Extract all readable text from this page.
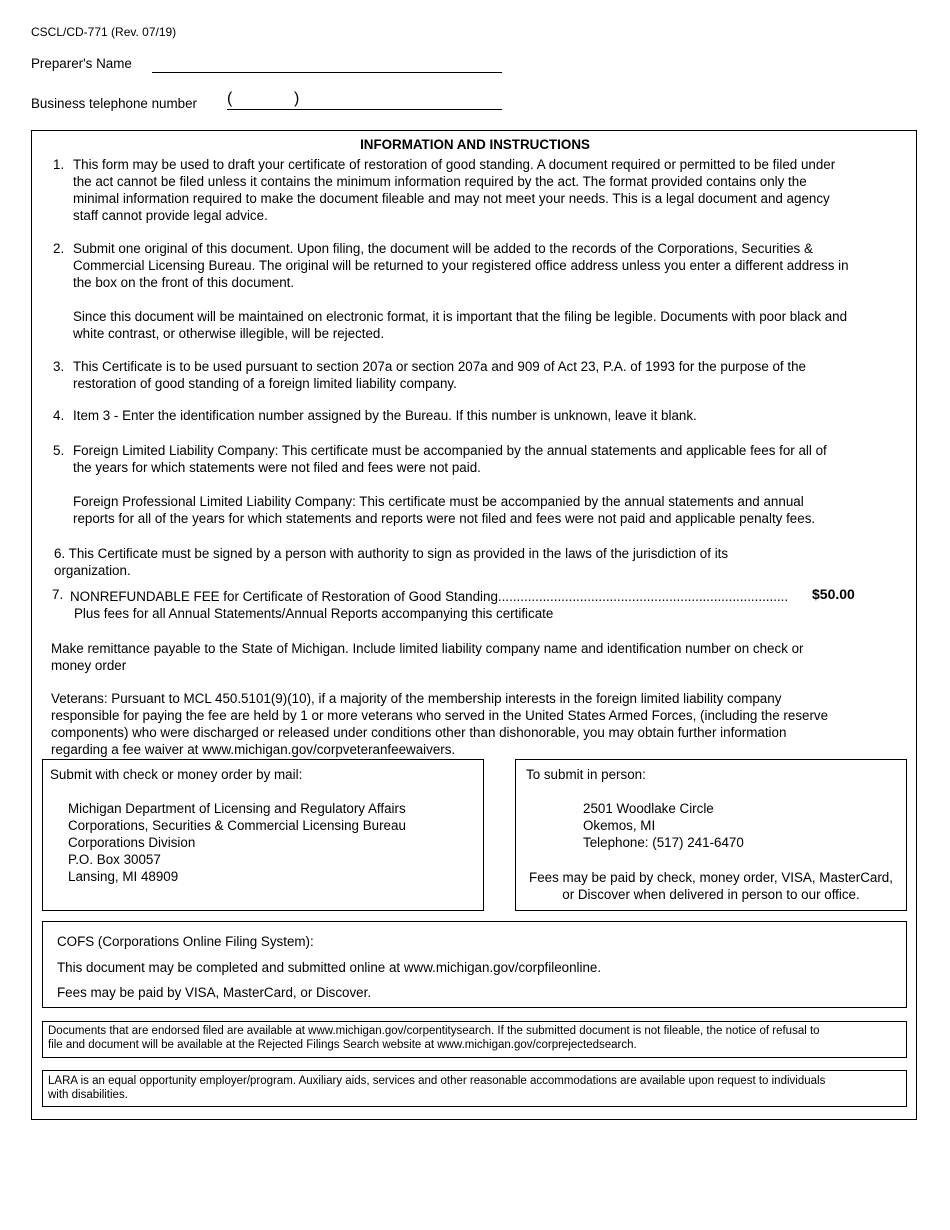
CSCL/CD-771 (Rev. 07/19)
Preparer's Name
Business telephone number (	)
INFORMATION AND INSTRUCTIONS
1. This form may be used to draft your certificate of restoration of good standing. A document required or permitted to be filed under
the act cannot be filed unless it contains the minimum information required by the act. The format provided contains only the
minimal information required to make the document fileable and may not meet your needs. This is a legal document and agency
staff cannot provide legal advice.
2. Submit one original of this document. Upon filing, the document will be added to the records of the Corporations, Securities &
Commercial Licensing Bureau. The original will be returned to your registered office address unless you enter a different address in
the box on the front of this document.
Since this document will be maintained on electronic format, it is important that the filing be legible. Documents with poor black and
white contrast, or otherwise illegible, will be rejected.
3. This Certificate is to be used pursuant to section 207a or section 207a and 909 of Act 23, P.A. of 1993 for the purpose of the
restoration of good standing of a foreign limited liability company.
4. Item 3 - Enter the identification number assigned by the Bureau. If this number is unknown, leave it blank.
5. Foreign Limited Liability Company: This certificate must be accompanied by the annual statements and applicable fees for all of
the years for which statements were not filed and fees were not paid.
Foreign Professional Limited Liability Company: This certificate must be accompanied by the annual statements and annual
reports for all of the years for which statements and reports were not filed and fees were not paid and applicable penalty fees.
6. This Certificate must be signed by a person with authority to sign as provided in the laws of the jurisdiction of its
organization.
7. NONREFUNDABLE FEE for Certificate of Restoration of Good Standing..............................................................................	$50.00
Plus fees for all Annual Statements/Annual Reports accompanying this certificate
Make remittance payable to the State of Michigan. Include limited liability company name and identification number on check or
money order
Veterans: Pursuant to MCL 450.5101(9)(10), if a majority of the membership interests in the foreign limited liability company
responsible for paying the fee are held by 1 or more veterans who served in the United States Armed Forces, (including the reserve
components) who were discharged or released under conditions other than dishonorable, you may obtain further information
regarding a fee waiver at www.michigan.gov/corpveteranfeewaivers.
Submit with check or money order by mail:
Michigan Department of Licensing and Regulatory Affairs
Corporations, Securities & Commercial Licensing Bureau
Corporations Division
P.O. Box 30057
Lansing, MI 48909
To submit in person:
2501 Woodlake Circle
Okemos, MI
Telephone: (517) 241-6470
Fees may be paid by check, money order, VISA, MasterCard,
or Discover when delivered in person to our office.
COFS (Corporations Online Filing System):
This document may be completed and submitted online at www.michigan.gov/corpfileonline.
Fees may be paid by VISA, MasterCard, or Discover.
Documents that are endorsed filed are available at www.michigan.gov/corpentitysearch. If the submitted document is not fileable, the notice of refusal to
file and document will be available at the Rejected Filings Search website at www.michigan.gov/corprejectedsearch.
LARA is an equal opportunity employer/program. Auxiliary aids, services and other reasonable accommodations are available upon request to individuals
with disabilities.
